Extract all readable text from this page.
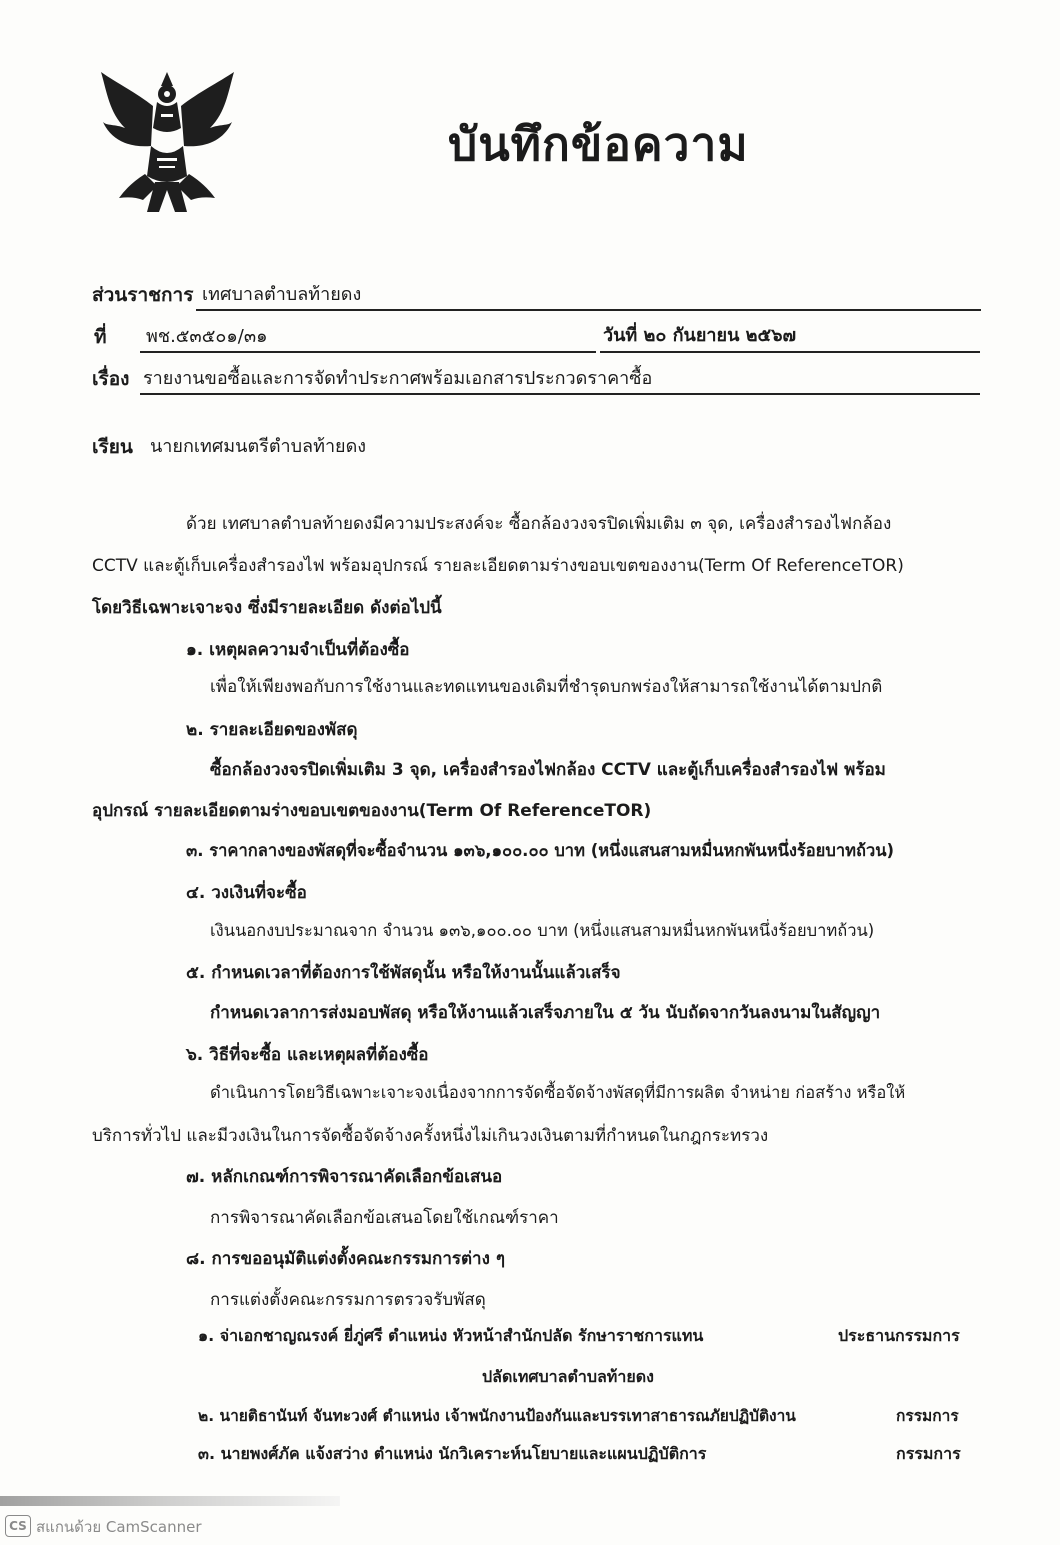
บันทึกข้อความ
ส่วนราชการ เทศบาลตำบลท้ายดง
ที่ พช.๕๓๕๐๑/๓๑	วันที่ ๒๐ กันยายน ๒๕๖๗
เรื่อง รายงานขอซื้อและการจัดทำประกาศพร้อมเอกสารประกวดราคาซื้อ
เรียน นายกเทศมนตรีตำบลท้ายดง
ด้วย เทศบาลตำบลท้ายดงมีความประสงค์จะ ซื้อกล้องวงจรปิดเพิ่มเติม ๓ จุด, เครื่องสำรองไฟกล้อง
CCTV และตู้เก็บเครื่องสำรองไฟ พร้อมอุปกรณ์ รายละเอียดตามร่างขอบเขตของงาน(Term Of ReferenceTOR)
โดยวิธีเฉพาะเจาะจง ซึ่งมีรายละเอียด ดังต่อไปนี้
๑. เหตุผลความจำเป็นที่ต้องซื้อ
เพื่อให้เพียงพอกับการใช้งานและทดแทนของเดิมที่ชำรุดบกพร่องให้สามารถใช้งานได้ตามปกติ
๒. รายละเอียดของพัสดุ
ซื้อกล้องวงจรปิดเพิ่มเติม 3 จุด, เครื่องสำรองไฟกล้อง CCTV และตู้เก็บเครื่องสำรองไฟ พร้อม
อุปกรณ์ รายละเอียดตามร่างขอบเขตของงาน(Term Of ReferenceTOR)
๓. ราคากลางของพัสดุที่จะซื้อจำนวน ๑๓๖,๑๐๐.๐๐ บาท (หนึ่งแสนสามหมื่นหกพันหนึ่งร้อยบาทถ้วน)
๔. วงเงินที่จะซื้อ
เงินนอกงบประมาณจาก จำนวน ๑๓๖,๑๐๐.๐๐ บาท (หนึ่งแสนสามหมื่นหกพันหนึ่งร้อยบาทถ้วน)
๕. กำหนดเวลาที่ต้องการใช้พัสดุนั้น หรือให้งานนั้นแล้วเสร็จ
กำหนดเวลาการส่งมอบพัสดุ หรือให้งานแล้วเสร็จภายใน ๕ วัน นับถัดจากวันลงนามในสัญญา
๖. วิธีที่จะซื้อ และเหตุผลที่ต้องซื้อ
ดำเนินการโดยวิธีเฉพาะเจาะจงเนื่องจากการจัดซื้อจัดจ้างพัสดุที่มีการผลิต จำหน่าย ก่อสร้าง หรือให้
บริการทั่วไป และมีวงเงินในการจัดซื้อจัดจ้างครั้งหนึ่งไม่เกินวงเงินตามที่กำหนดในกฎกระทรวง
๗. หลักเกณฑ์การพิจารณาคัดเลือกข้อเสนอ
การพิจารณาคัดเลือกข้อเสนอโดยใช้เกณฑ์ราคา
๘. การขออนุมัติแต่งตั้งคณะกรรมการต่าง ๆ
การแต่งตั้งคณะกรรมการตรวจรับพัสดุ
๑. จ่าเอกชาญณรงค์ ยี่ภู่ศรี ตำแหน่ง หัวหน้าสำนักปลัด รักษาราชการแทน	ประธานกรรมการ
ปลัดเทศบาลตำบลท้ายดง
๒. นายติธานันท์ จันทะวงศ์ ตำแหน่ง เจ้าพนักงานป้องกันและบรรเทาสาธารณภัยปฏิบัติงาน	กรรมการ
๓. นายพงศ์ภัค แจ้งสว่าง ตำแหน่ง นักวิเคราะห์นโยบายและแผนปฏิบัติการ	กรรมการ
CS สแกนด้วย CamScanner
